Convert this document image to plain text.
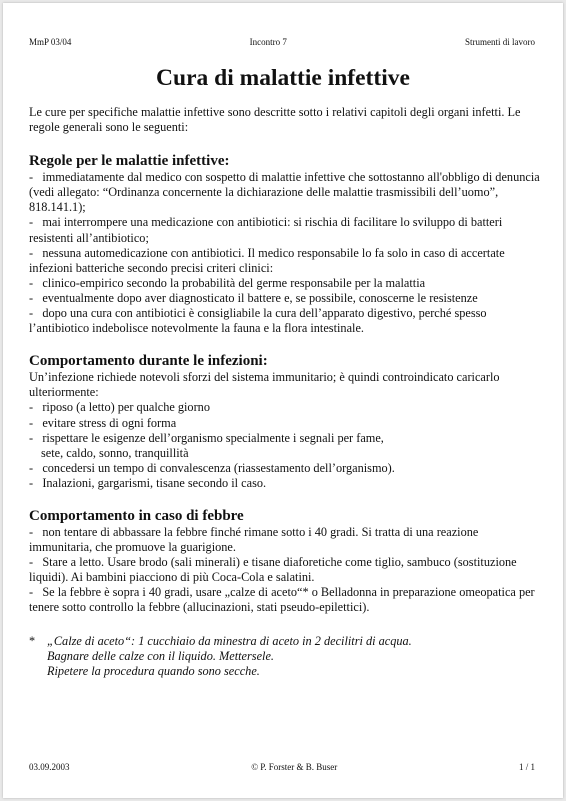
MmP 03/04	Incontro 7	Strumenti di lavoro
Cura di malattie infettive

Le cure per specifiche malattie infettive sono descritte sotto i relativi capitoli degli organi infetti. Le regole generali sono le seguenti:

Regole per le malattie infettive:

-   immediatamente dal medico con sospetto di malattie infettive che sottostanno all'obbligo di denuncia (vedi allegato: “Ordinanza concernente la dichiarazione delle malattie trasmissibili dell’uomo”, 818.141.1);

-   mai interrompere una medicazione con antibiotici: si rischia di facilitare lo sviluppo di batteri resistenti all’antibiotico;

-   nessuna automedicazione con antibiotici. Il medico responsabile lo fa solo in caso di accertate infezioni batteriche secondo precisi criteri clinici:

-   clinico-empirico secondo la probabilità del germe responsabile per la malattia

-   eventualmente dopo aver diagnosticato il battere e, se possibile, conoscerne le resistenze

-   dopo una cura con antibiotici è consigliabile la cura dell’apparato digestivo, perché spesso l’antibiotico indebolisce notevolmente la fauna e la flora intestinale.

Comportamento durante le infezioni:

Un’infezione richiede notevoli sforzi del sistema immunitario; è quindi controindicato caricarlo ulteriormente:

-   riposo (a letto) per qualche giorno

-   evitare stress di ogni forma

-   rispettare le esigenze dell’organismo specialmente i segnali per fame,

sete, caldo, sonno, tranquillità

-   concedersi un tempo di convalescenza (riassestamento dell’organismo).

-   Inalazioni, gargarismi, tisane secondo il caso.

Comportamento in caso di febbre

-   non tentare di abbassare la febbre finché rimane sotto i 40 gradi. Si tratta di una reazione immunitaria, che promuove la guarigione.

-   Stare a letto. Usare brodo (sali minerali) e tisane diaforetiche come tiglio, sambuco (sostituzione liquidi). Ai bambini piacciono di più Coca-Cola e salatini.

-   Se la febbre è sopra i 40 gradi, usare „calze di aceto“* o Belladonna in preparazione omeopatica per tenere sotto controllo la febbre (allucinazioni, stati pseudo-epilettici).

* „Calze di aceto“: 1 cucchiaio da minestra di aceto in 2 decilitri di acqua.
Bagnare delle calze con il liquido. Mettersele.
Ripetere la procedura quando sono secche.
03.09.2003	© P. Forster & B. Buser	1 / 1
